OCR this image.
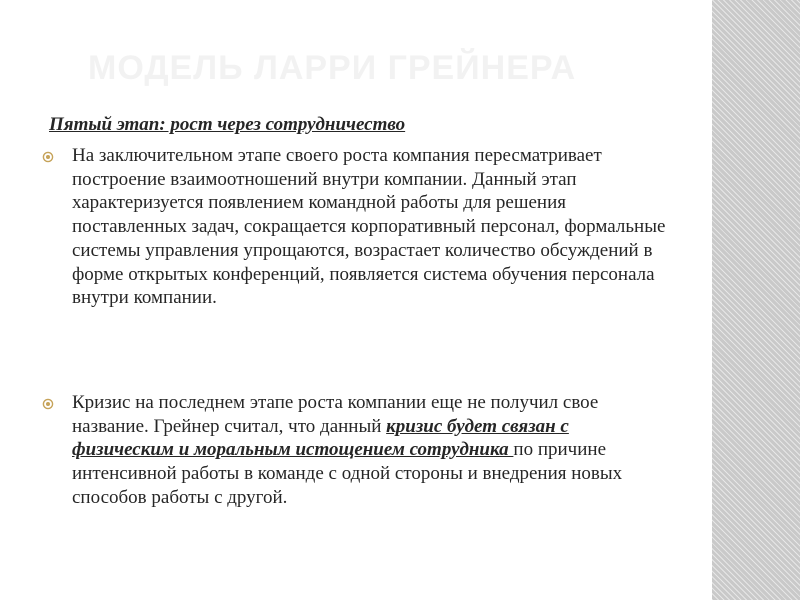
МОДЕЛЬ ЛАРРИ ГРЕЙНЕРА
Пятый этап: рост через сотрудничество

На заключительном этапе своего роста компания пересматривает построение взаимоотношений внутри компании. Данный этап характеризуется появлением командной работы для решения поставленных задач, сокращается корпоративный персонал, формальные системы управления упрощаются, возрастает количество обсуждений в форме открытых конференций, появляется система обучения персонала внутри компании.

Кризис на последнем этапе роста компании еще не получил свое название. Грейнер считал, что данный кризис будет связан с физическим и моральным истощением сотрудника по причине интенсивной работы в команде с одной стороны и внедрения новых способов работы с другой.
